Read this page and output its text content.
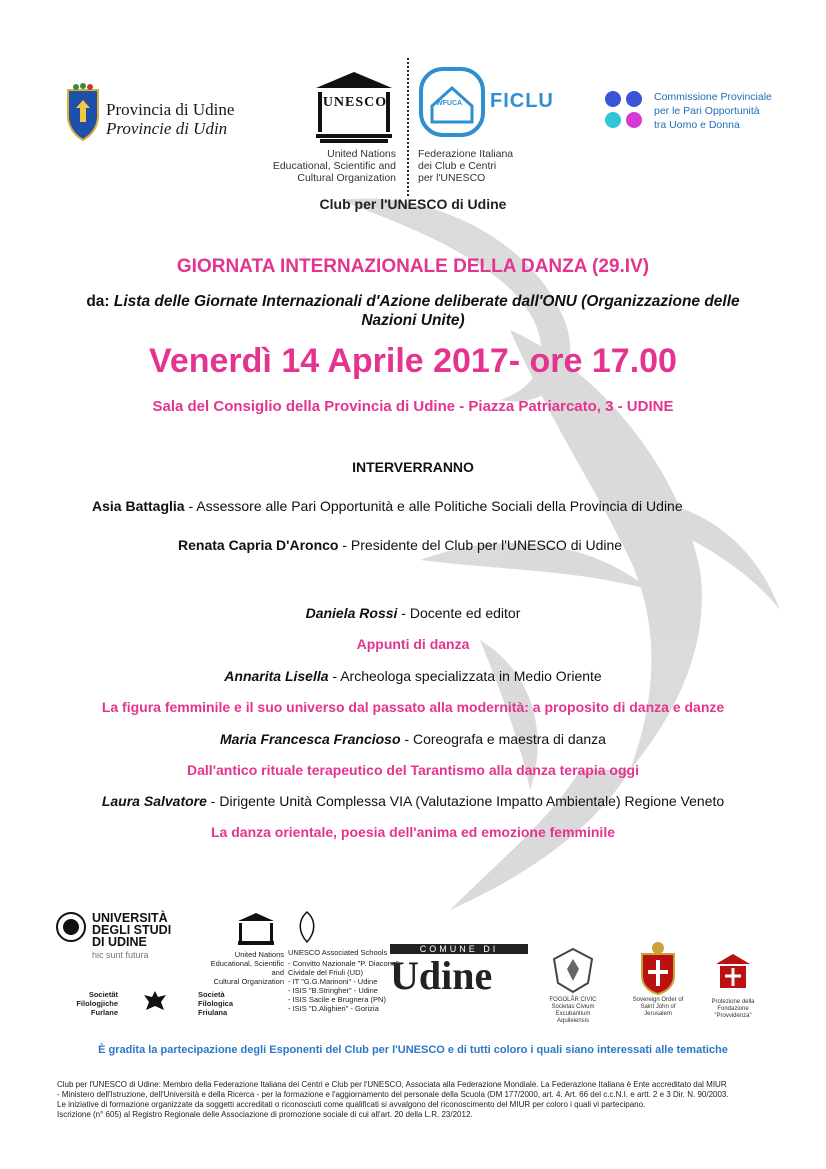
Provincia di Udine
Provincie di Udin
UNESCO
United Nations
Educational, Scientific and
Cultural Organization
WFUCA FICLU
Federazione Italiana
dei Club e Centri
per l'UNESCO
Club per l'UNESCO di Udine
Commissione Provinciale
per le Pari Opportunità
tra Uomo e Donna
GIORNATA INTERNAZIONALE DELLA DANZA (29.IV)
da: Lista delle Giornate Internazionali d'Azione deliberate dall'ONU (Organizzazione delle
Nazioni Unite)
Venerdì 14 Aprile 2017- ore 17.00
Sala del Consiglio della Provincia di Udine - Piazza Patriarcato, 3 - UDINE
INTERVERRANNO
Asia Battaglia - Assessore alle Pari Opportunità e alle Politiche Sociali della Provincia di Udine
Renata Capria D'Aronco - Presidente del Club per l'UNESCO di Udine
Daniela Rossi - Docente ed editor
Appunti di danza
Annarita Lisella - Archeologa specializzata in Medio Oriente
La figura femminile e il suo universo dal passato alla modernità: a proposito di danza e danze
Maria Francesca Francioso - Coreografa e maestra di danza
Dall'antico rituale terapeutico del Tarantismo alla danza terapia oggi
Laura Salvatore - Dirigente Unità Complessa VIA (Valutazione Impatto Ambientale) Regione Veneto
La danza orientale, poesia dell'anima ed emozione femminile
UNIVERSITÀ
DEGLI STUDI
DI UDINE
hic sunt futura
Societât
Filologjiche
Furlane
Società
Filologica
Friulana
United Nations
Educational, Scientific and
Cultural Organization
UNESCO Associated Schools
- Convitto Nazionale "P. Diacono"
Cividale del Friuli (UD)
- IT "G.G.Marinoni" - Udine
- ISIS "B.Stringher" - Udine
- ISIS Sacile e Brugnera (PN)
- ISIS "D.Alighieri" - Gorizia
COMUNE DI
Udine
FOGOLÂR CIVIC
Societas Civium Excubantium Aquileiensis
Sovereign Order of
Saint John of Jerusalem
Protezione della
Fondazione "Provvidenza"
È gradita la partecipazione degli Esponenti del Club per l'UNESCO e di tutti coloro i quali siano interessati alle tematiche
Club per l'UNESCO di Udine: Membro della Federazione Italiana dei Centri e Club per l'UNESCO, Associata alla Federazione Mondiale. La Federazione Italiana è Ente accreditato dal MIUR
- Ministero dell'Istruzione, dell'Università e della Ricerca - per la formazione e l'aggiornamento del personale della Scuola (DM 177/2000, art. 4. Art. 66 del c.c.N.I. e artt. 2 e 3 Dir. N. 90/2003.
Le iniziative di formazione organizzate da soggetti accreditati o riconosciuti come qualificati si avvalgono del riconoscimento del MIUR per coloro i quali vi partecipano.
Iscrizione (n° 605) al Registro Regionale delle Associazione di promozione sociale di cui all'art. 20 della L.R. 23/2012.
